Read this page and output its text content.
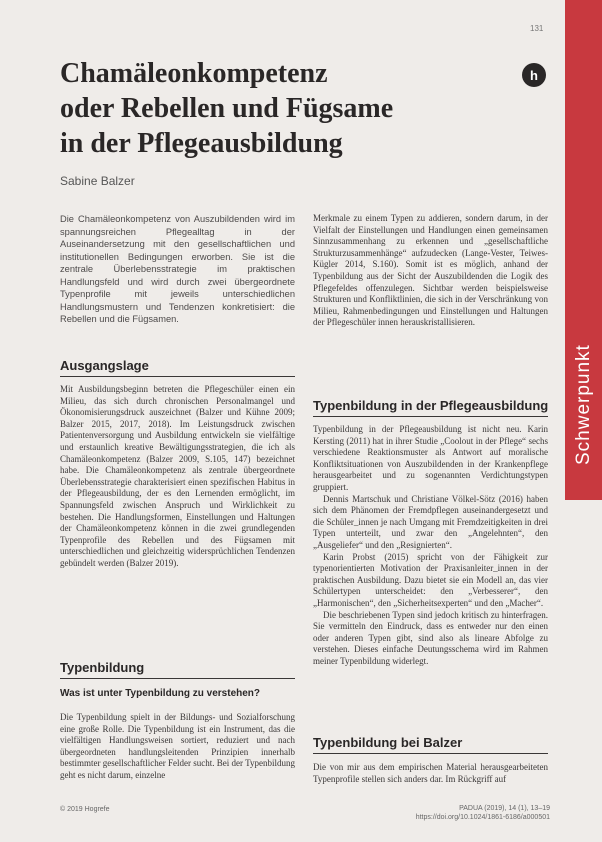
131
Schwerpunkt
h
Chamäleonkompetenz
oder Rebellen und Fügsame
in der Pflegeausbildung
Sabine Balzer
Die Chamäleonkompetenz von Auszubildenden wird im spannungsreichen Pflegealltag in der Auseinandersetzung mit den gesellschaftlichen und institutionellen Bedingungen erworben. Sie ist die zentrale Überlebensstrategie im praktischen Handlungsfeld und wird durch zwei übergeordnete Typenprofile mit jeweils unterschiedlichen Handlungsmustern und Tendenzen konkretisiert: die Rebellen und die Fügsamen.
Ausgangslage
Mit Ausbildungsbeginn betreten die Pflegeschüler einen ein Milieu, das sich durch chronischen Personalmangel und Ökonomisierungsdruck auszeichnet (Balzer und Kühne 2009; Balzer 2015, 2017, 2018). Im Leistungsdruck zwischen Patientenversorgung und Ausbildung entwickeln sie vielfältige und erstaunlich kreative Bewältigungsstrategien, die ich als Chamäleonkompetenz (Balzer 2009, S.105, 147) bezeichnet habe. Die Chamäleonkompetenz als zentrale übergeordnete Überlebensstrategie charakterisiert einen spezifischen Habitus in der Pflegeausbildung, der es den Lernenden ermöglicht, im Spannungsfeld zwischen Anspruch und Wirklichkeit zu bestehen. Die Handlungsformen, Einstellungen und Haltungen der Chamäleonkompetenz können in die zwei grundlegenden Typenprofile des Rebellen und des Fügsamen mit unterschiedlichen und gleichzeitig widersprüchlichen Tendenzen gebündelt werden (Balzer 2019).
Typenbildung
Was ist unter Typenbildung zu verstehen?
Die Typenbildung spielt in der Bildungs- und Sozialforschung eine große Rolle. Die Typenbildung ist ein Instrument, das die vielfältigen Handlungsweisen sortiert, reduziert und nach übergeordneten handlungsleitenden Prinzipien innerhalb bestimmter gesellschaftlicher Felder sucht. Bei der Typenbildung geht es nicht darum, einzelne
Merkmale zu einem Typen zu addieren, sondern darum, in der Vielfalt der Einstellungen und Handlungen einen gemeinsamen Sinnzusammenhang zu erkennen und „gesellschaftliche Strukturzusammenhänge“ aufzudecken (Lange-Vester, Teiwes-Kügler 2014, S.160). Somit ist es möglich, anhand der Typenbildung aus der Sicht der Auszubildenden die Logik des Pflegefeldes offenzulegen. Sichtbar werden beispielsweise Strukturen und Konfliktlinien, die sich in der Verschränkung von Milieu, Rahmenbedingungen und Einstellungen und Haltungen der Pflegeschüler innen herauskristallisieren.
Typenbildung in der Pflegeausbildung

Typenbildung in der Pflegeausbildung ist nicht neu. Karin Kersting (2011) hat in ihrer Studie „Coolout in der Pflege“ sechs verschiedene Reaktionsmuster als Antwort auf moralische Konfliktsituationen von Auszubildenden in der Krankenpflege herausgearbeitet und zu sogenannten Verdichtungstypen gruppiert.

Dennis Martschuk und Christiane Völkel-Sötz (2016) haben sich dem Phänomen der Fremdpflegen auseinandergesetzt und die Schüler_innen je nach Umgang mit Fremdzeitigkeiten in drei Typen unterteilt, und zwar den „Angelehnten“, den „Ausgeliefer“ und den „Resignierten“.

Karin Probst (2015) spricht von der Fähigkeit zur typenorientierten Motivation der Praxisanleiter_innen in der praktischen Ausbildung. Dazu bietet sie ein Modell an, das vier Schülertypen unterscheidet: den „Verbesserer“, den „Harmonischen“, den „Sicherheitsexperten“ und den „Macher“.

Die beschriebenen Typen sind jedoch kritisch zu hinterfragen. Sie vermitteln den Eindruck, dass es entweder nur den einen oder anderen Typen gibt, sind also als lineare Abfolge zu verstehen. Dieses einfache Deutungsschema wird im Rahmen meiner Typenbildung widerlegt.

Typenbildung bei Balzer
Die von mir aus dem empirischen Material herausgearbeiteten Typenprofile stellen sich anders dar. Im Rückgriff auf
© 2019 Hogrefe	PADUA (2019), 14 (1), 13–19
https://doi.org/10.1024/1861-6186/a000501
